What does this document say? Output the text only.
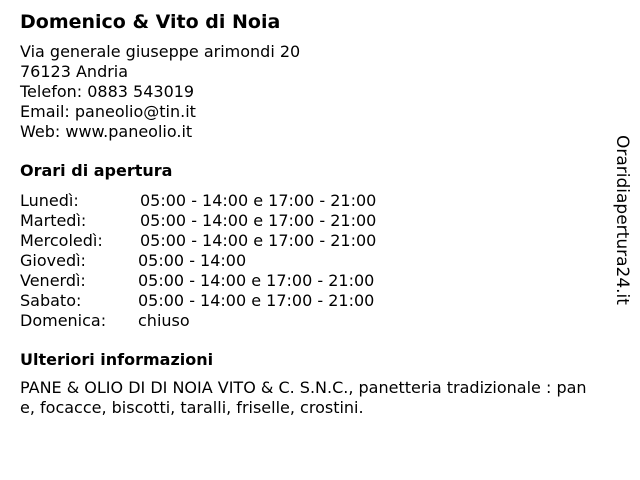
Domenico & Vito di Noia
Via generale giuseppe arimondi 20
76123 Andria
Telefon: 0883 543019
Email: paneolio@tin.it
Web: www.paneolio.it
Orari di apertura
Lunedì:	05:00 - 14:00 e 17:00 - 21:00
Martedì:	05:00 - 14:00 e 17:00 - 21:00
Mercoledì:	05:00 - 14:00 e 17:00 - 21:00
Giovedì:	05:00 - 14:00
Venerdì:	05:00 - 14:00 e 17:00 - 21:00
Sabato:	05:00 - 14:00 e 17:00 - 21:00
Domenica:	chiuso
Ulteriori informazioni
PANE & OLIO DI DI NOIA VITO & C. S.N.C., panetteria tradizionale : pane, focacce, biscotti, taralli, friselle, crostini.
Oraridiapertura24.it
